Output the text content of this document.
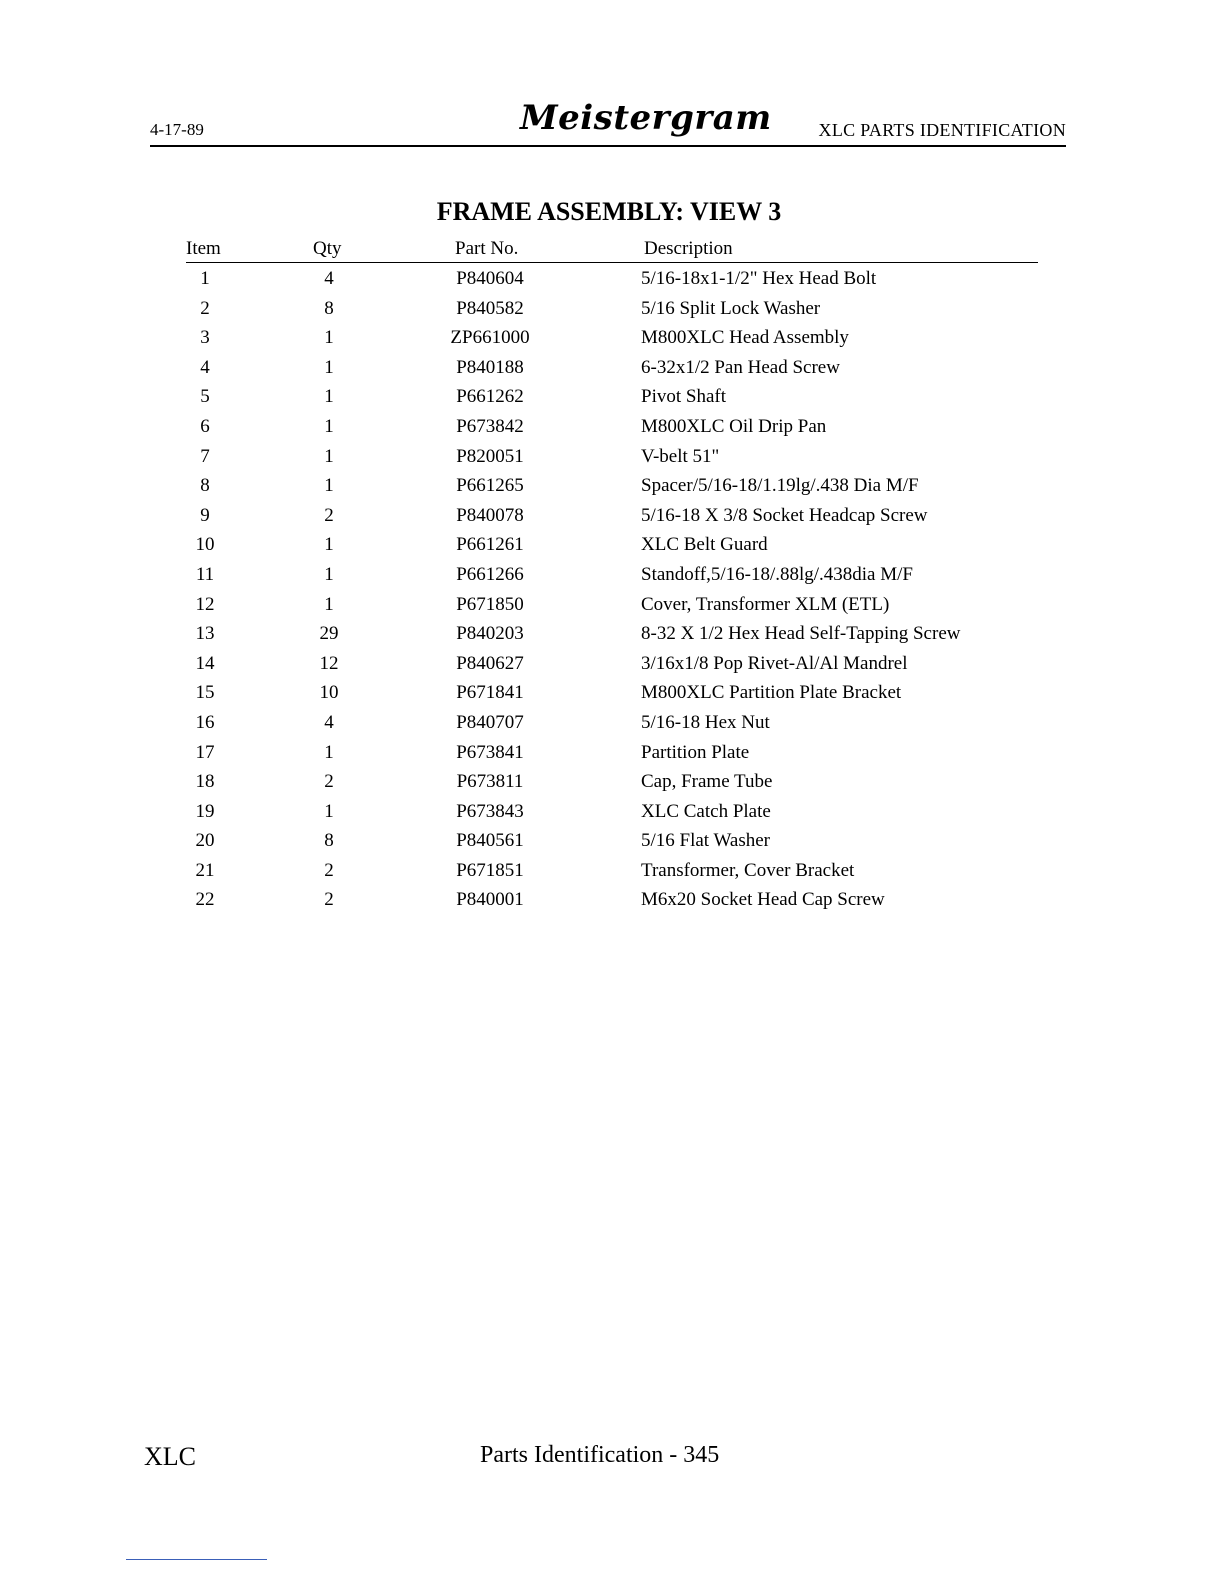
4-17-89	Meistergram	XLC PARTS IDENTIFICATION
FRAME ASSEMBLY: VIEW 3
Item	Qty	Part No.	Description
1	4	P840604	5/16-18x1-1/2" Hex Head Bolt
2	8	P840582	5/16 Split Lock Washer
3	1	ZP661000	M800XLC Head Assembly
4	1	P840188	6-32x1/2 Pan Head Screw
5	1	P661262	Pivot Shaft
6	1	P673842	M800XLC Oil Drip Pan
7	1	P820051	V-belt 51"
8	1	P661265	Spacer/5/16-18/1.19lg/.438 Dia M/F
9	2	P840078	5/16-18 X 3/8 Socket Headcap Screw
10	1	P661261	XLC Belt Guard
11	1	P661266	Standoff,5/16-18/.88lg/.438dia M/F
12	1	P671850	Cover, Transformer XLM (ETL)
13	29	P840203	8-32 X 1/2 Hex Head Self-Tapping Screw
14	12	P840627	3/16x1/8 Pop Rivet-Al/Al Mandrel
15	10	P671841	M800XLC Partition Plate Bracket
16	4	P840707	5/16-18 Hex Nut
17	1	P673841	Partition Plate
18	2	P673811	Cap, Frame Tube
19	1	P673843	XLC Catch Plate
20	8	P840561	5/16 Flat Washer
21	2	P671851	Transformer, Cover Bracket
22	2	P840001	M6x20 Socket Head Cap Screw
XLC	Parts Identification - 345
